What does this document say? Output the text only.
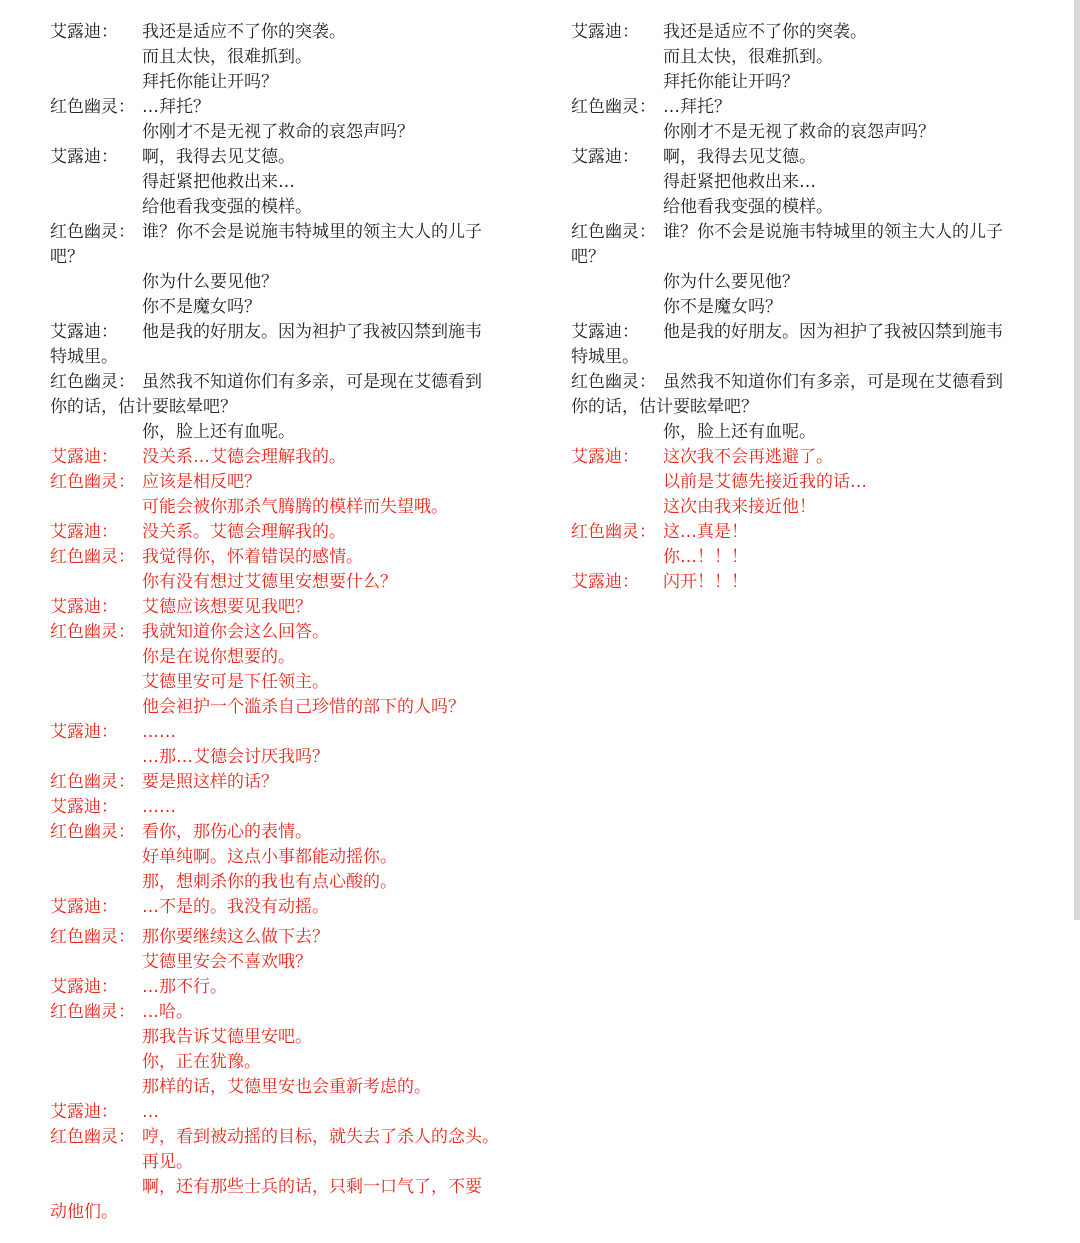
艾露迪： 我还是适应不了你的突袭。
而且太快，很难抓到。
拜托你能让开吗？
红色幽灵： …拜托？
你刚才不是无视了救命的哀怨声吗？
艾露迪： 啊，我得去见艾德。
得赶紧把他救出来…
给他看我变强的模样。
红色幽灵： 谁？你不会是说施韦特城里的领主大人的儿子
吧？
你为什么要见他？
你不是魔女吗？
艾露迪： 他是我的好朋友。因为袒护了我被囚禁到施韦
特城里。
红色幽灵： 虽然我不知道你们有多亲，可是现在艾德看到
你的话，估计要眩晕吧？
你，脸上还有血呢。
艾露迪： 没关系…艾德会理解我的。
红色幽灵： 应该是相反吧？
可能会被你那杀气腾腾的模样而失望哦。
艾露迪： 没关系。艾德会理解我的。
红色幽灵： 我觉得你，怀着错误的感情。
你有没有想过艾德里安想要什么？
艾露迪： 艾德应该想要见我吧？
红色幽灵： 我就知道你会这么回答。
你是在说你想要的。
艾德里安可是下任领主。
他会袒护一个滥杀自己珍惜的部下的人吗？
艾露迪： ……
…那…艾德会讨厌我吗？
红色幽灵： 要是照这样的话？
艾露迪： ……
红色幽灵： 看你，那伤心的表情。
好单纯啊。这点小事都能动摇你。
那，想刺杀你的我也有点心酸的。
艾露迪： …不是的。我没有动摇。
红色幽灵： 那你要继续这么做下去？
艾德里安会不喜欢哦？
艾露迪： …那不行。
红色幽灵： …哈。
那我告诉艾德里安吧。
你，正在犹豫。
那样的话，艾德里安也会重新考虑的。
艾露迪： …
红色幽灵： 哼，看到被动摇的目标，就失去了杀人的念头。
再见。
啊，还有那些士兵的话，只剩一口气了，不要
动他们。
艾露迪： 我还是适应不了你的突袭。
而且太快，很难抓到。
拜托你能让开吗？
红色幽灵： …拜托？
你刚才不是无视了救命的哀怨声吗？
艾露迪： 啊，我得去见艾德。
得赶紧把他救出来…
给他看我变强的模样。
红色幽灵： 谁？你不会是说施韦特城里的领主大人的儿子
吧？
你为什么要见他？
你不是魔女吗？
艾露迪： 他是我的好朋友。因为袒护了我被囚禁到施韦
特城里。
红色幽灵： 虽然我不知道你们有多亲，可是现在艾德看到
你的话，估计要眩晕吧？
你，脸上还有血呢。
艾露迪： 这次我不会再逃避了。
以前是艾德先接近我的话…
这次由我来接近他！
红色幽灵： 这…真是！
你…！！！
艾露迪： 闪开！！！
